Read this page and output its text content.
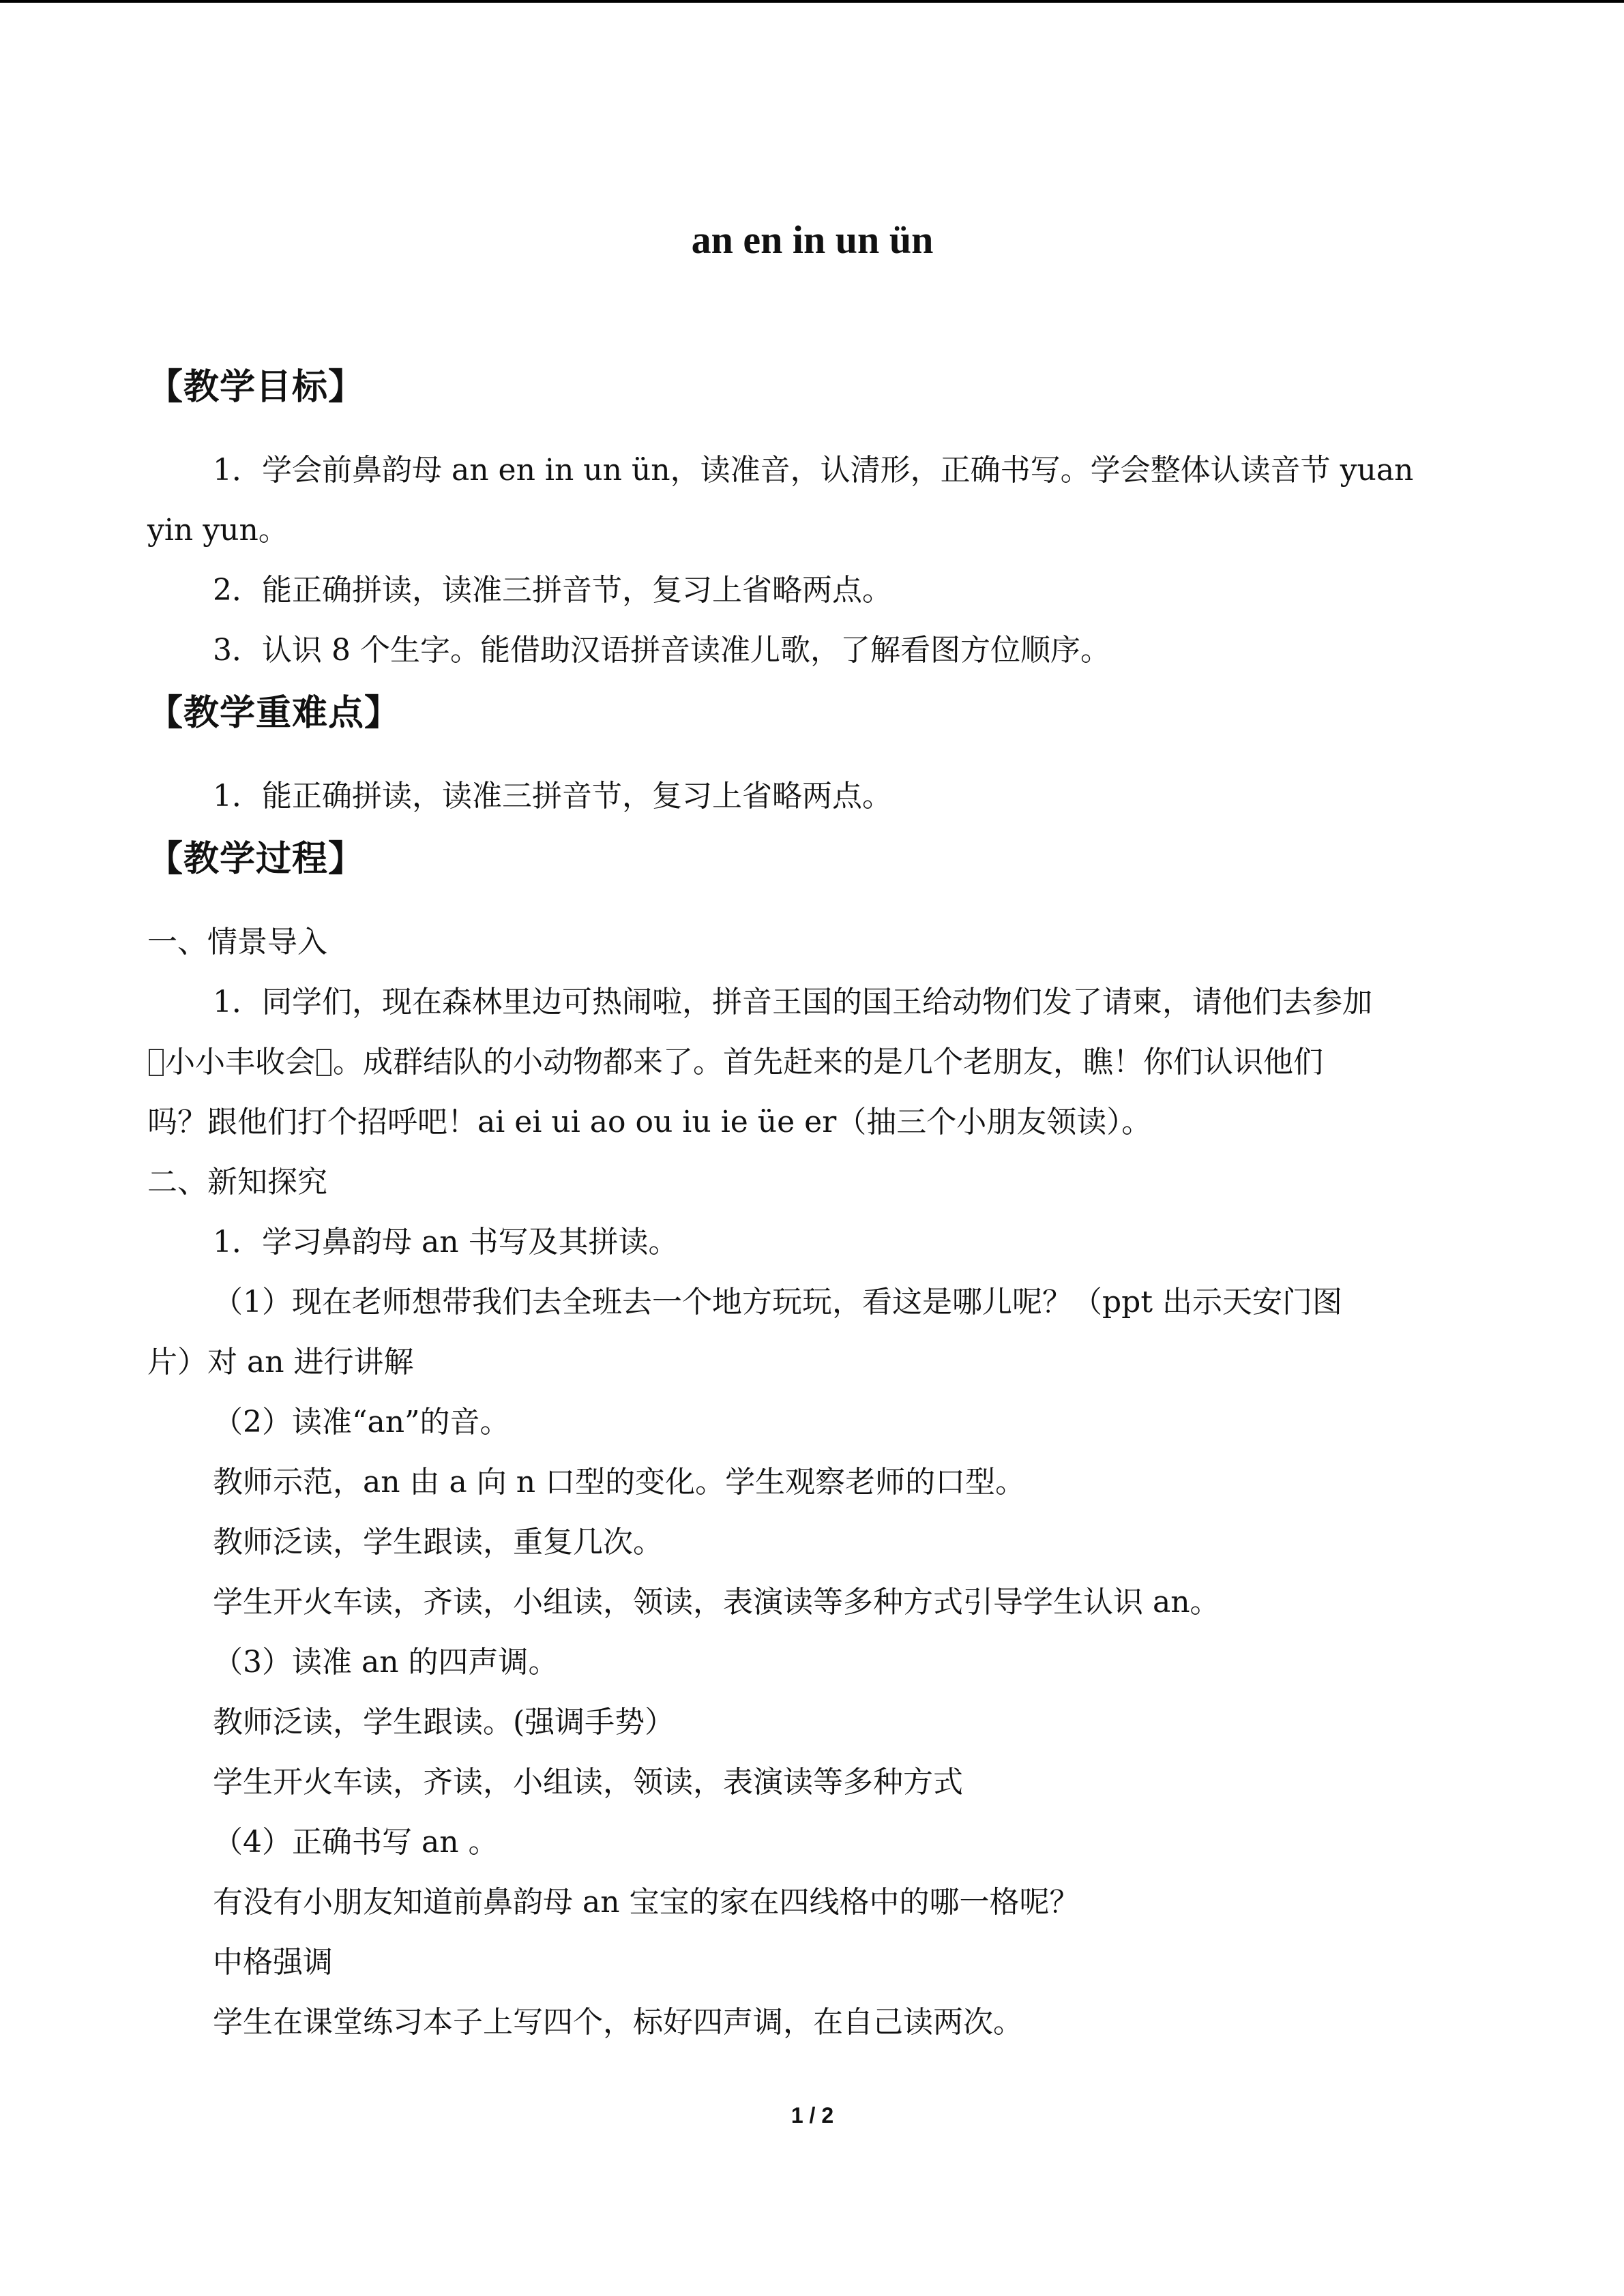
an en in un ün
【教学目标】
1．学会前鼻韵母 an en in un ün，读准音，认清形，正确书写。学会整体认读音节 yuan
yin yun。
2．能正确拼读，读准三拼音节，复习上省略两点。
3．认识 8 个生字。能借助汉语拼音读准儿歌，了解看图方位顺序。
【教学重难点】
1．能正确拼读，读准三拼音节，复习上省略两点。
【教学过程】
一、情景导入
1．同学们，现在森林里边可热闹啦，拼音王国的国王给动物们发了请柬，请他们去参加
小小丰收会 。成群结队的小动物都来了。首先赶来的是几个老朋友，瞧！你们认识他们
吗？跟他们打个招呼吧！ai ei ui ao ou iu ie üe er（抽三个小朋友领读）。
二、新知探究
1．学习鼻韵母 an 书写及其拼读。
（1）现在老师想带我们去全班去一个地方玩玩，看这是哪儿呢？（ppt 出示天安门图
片）对 an 进行讲解
（2）读准“an”的音。
教师示范，an 由 a 向 n 口型的变化。学生观察老师的口型。
教师泛读，学生跟读，重复几次。
学生开火车读，齐读，小组读，领读，表演读等多种方式引导学生认识 an。
（3）读准 an 的四声调。
教师泛读，学生跟读。(强调手势）
学生开火车读，齐读，小组读，领读，表演读等多种方式
（4）正确书写 an 。
有没有小朋友知道前鼻韵母 an 宝宝的家在四线格中的哪一格呢？
中格强调
学生在课堂练习本子上写四个，标好四声调，在自己读两次。
1 / 2
